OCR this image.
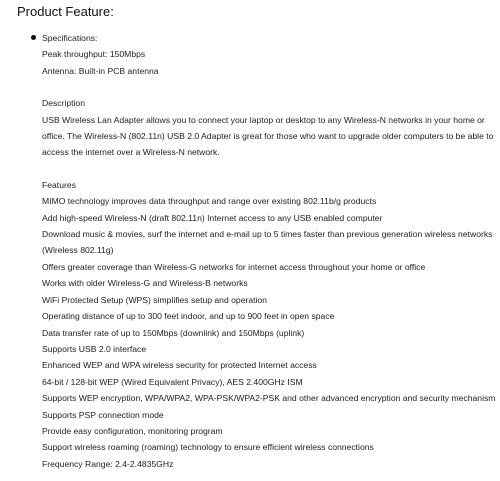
Product Feature:
Specifications:
Peak throughput: 150Mbps
Antenna: Built-in PCB antenna
Description
USB Wireless Lan Adapter allows you to connect your laptop or desktop to any Wireless-N networks in your home or office. The Wireless-N (802.11n) USB 2.0 Adapter is great for those who want to upgrade older computers to be able to access the internet over a Wireless-N network.
Features
MIMO technology improves data throughput and range over existing 802.11b/g products
Add high-speed Wireless-N (draft 802.11n) Internet access to any USB enabled computer
Download music & movies, surf the internet and e-mail up to 5 times faster than previous generation wireless networks (Wireless 802.11g)
Offers greater coverage than Wireless-G networks for internet access throughout your home or office
Works with older Wireless-G and Wireless-B networks
WiFi Protected Setup (WPS) simplifies setup and operation
Operating distance of up to 300 feet indoor, and up to 900 feet in open space
Data transfer rate of up to 150Mbps (downlink) and 150Mbps (uplink)
Supports USB 2.0 interface
Enhanced WEP and WPA wireless security for protected Internet access
64-bit / 128-bit WEP (Wired Equivalent Privacy), AES 2.400GHz ISM
Supports WEP encryption, WPA/WPA2, WPA-PSK/WPA2-PSK and other advanced encryption and security mechanism
Supports PSP connection mode
Provide easy configuration, monitoring program
Support wireless roaming (roaming) technology to ensure efficient wireless connections
Frequency Range: 2.4-2.4835GHz
